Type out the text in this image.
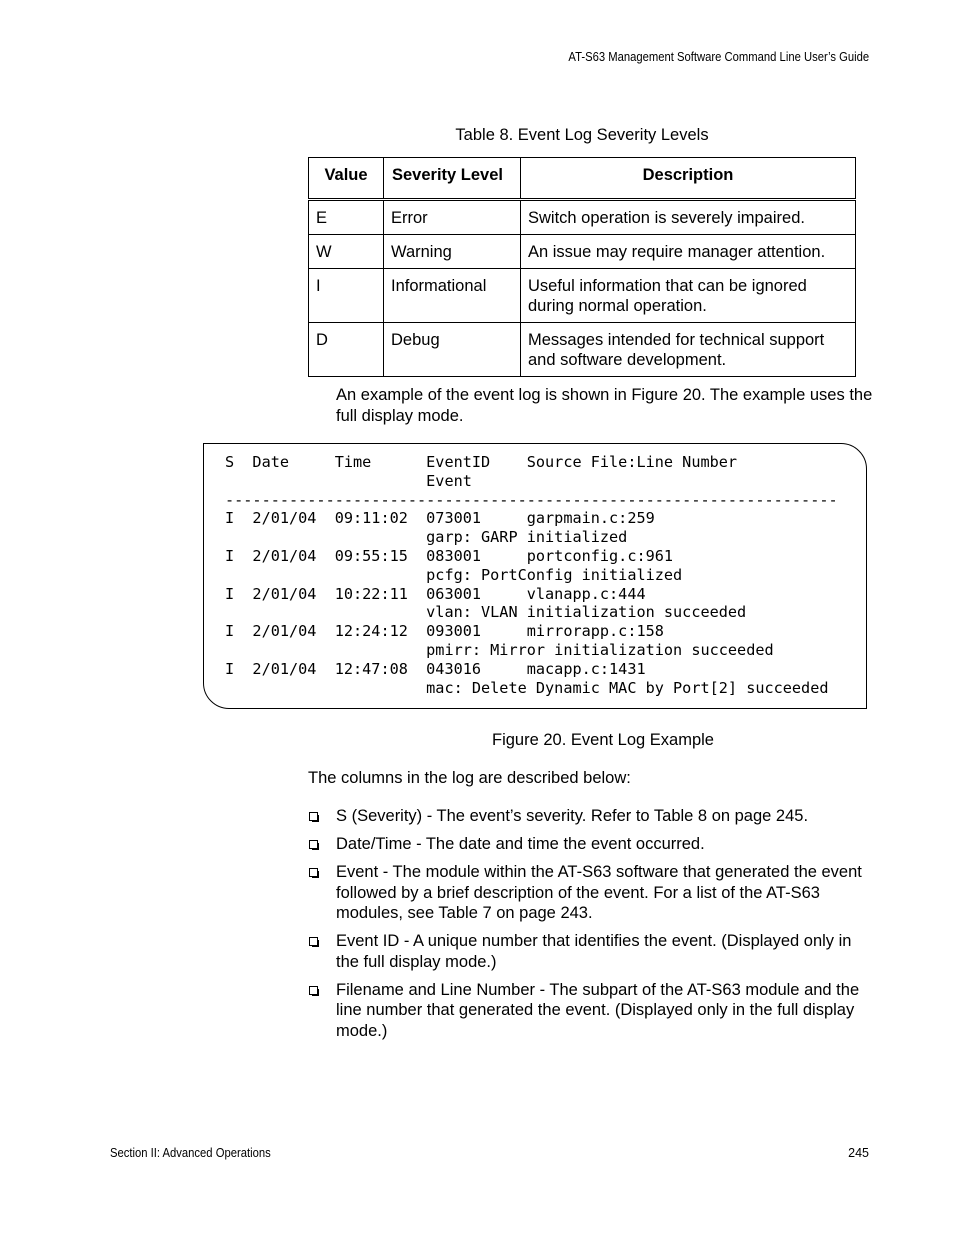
AT-S63 Management Software Command Line User’s Guide
Table 8. Event Log Severity Levels
Value	Severity Level	Description
E	Error	Switch operation is severely impaired.
W	Warning	An issue may require manager attention.
I	Informational	Useful information that can be ignored during normal operation.
D	Debug	Messages intended for technical support and software development.
An example of the event log is shown in Figure 20. The example uses the full display mode.
S  Date     Time      EventID    Source File:Line Number
Event
-------------------------------------------------------------------
I  2/01/04  09:11:02  073001     garpmain.c:259
garp: GARP initialized
I  2/01/04  09:55:15  083001     portconfig.c:961
pcfg: PortConfig initialized
I  2/01/04  10:22:11  063001     vlanapp.c:444
vlan: VLAN initialization succeeded
I  2/01/04  12:24:12  093001     mirrorapp.c:158
pmirr: Mirror initialization succeeded
I  2/01/04  12:47:08  043016     macapp.c:1431
mac: Delete Dynamic MAC by Port[2] succeeded
Figure 20. Event Log Example
The columns in the log are described below:
S (Severity) - The event’s severity. Refer to Table 8 on page 245.
Date/Time - The date and time the event occurred.
Event - The module within the AT-S63 software that generated the event followed by a brief description of the event. For a list of the AT-S63 modules, see Table 7 on page 243.
Event ID - A unique number that identifies the event. (Displayed only in the full display mode.)
Filename and Line Number - The subpart of the AT-S63 module and the line number that generated the event. (Displayed only in the full display mode.)
Section II: Advanced Operations	245
